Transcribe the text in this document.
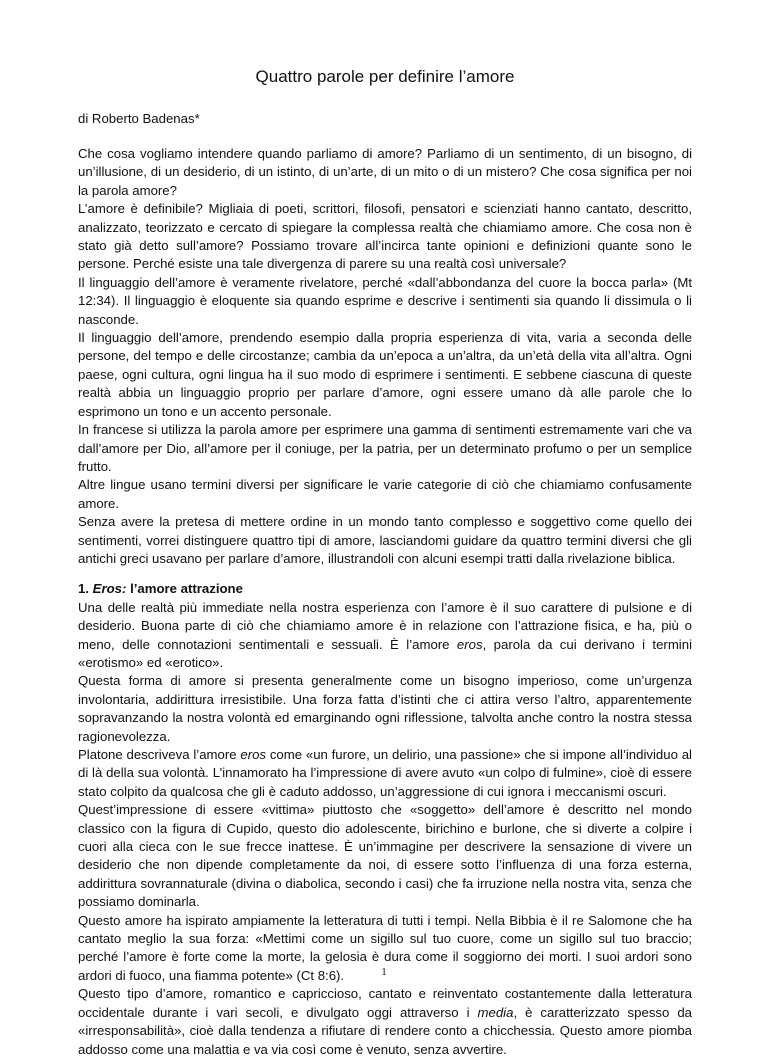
Quattro parole per definire l’amore

di Roberto Badenas*

Che cosa vogliamo intendere quando parliamo di amore? Parliamo di un sentimento, di un bisogno, di un’illusione, di un desiderio, di un istinto, di un’arte, di un mito o di un mistero? Che cosa significa per noi la parola amore?

L’amore è definibile? Migliaia di poeti, scrittori, filosofi, pensatori e scienziati hanno cantato, descritto, analizzato, teorizzato e cercato di spiegare la complessa realtà che chiamiamo amore. Che cosa non è stato già detto sull’amore? Possiamo trovare all’incirca tante opinioni e definizioni quante sono le persone. Perché esiste una tale divergenza di parere su una realtà così universale?

Il linguaggio dell’amore è veramente rivelatore, perché «dall’abbondanza del cuore la bocca parla» (Mt 12:34). Il linguaggio è eloquente sia quando esprime e descrive i sentimenti sia quando li dissimula o li nasconde.

Il linguaggio dell’amore, prendendo esempio dalla propria esperienza di vita, varia a seconda delle persone, del tempo e delle circostanze; cambia da un’epoca a un’altra, da un’età della vita all’altra. Ogni paese, ogni cultura, ogni lingua ha il suo modo di esprimere i sentimenti. E sebbene ciascuna di queste realtà abbia un linguaggio proprio per parlare d’amore, ogni essere umano dà alle parole che lo esprimono un tono e un accento personale.

In francese si utilizza la parola amore per esprimere una gamma di sentimenti estremamente vari che va dall’amore per Dio, all’amore per il coniuge, per la patria, per un determinato profumo o per un semplice frutto.

Altre lingue usano termini diversi per significare le varie categorie di ciò che chiamiamo confusamente amore.

Senza avere la pretesa di mettere ordine in un mondo tanto complesso e soggettivo come quello dei sentimenti, vorrei distinguere quattro tipi di amore, lasciandomi guidare da quattro termini diversi che gli antichi greci usavano per parlare d’amore, illustrandoli con alcuni esempi tratti dalla rivelazione biblica.

1. Eros: l’amore attrazione

Una delle realtà più immediate nella nostra esperienza con l’amore è il suo carattere di pulsione e di desiderio. Buona parte di ciò che chiamiamo amore è in relazione con l’attrazione fisica, e ha, più o meno, delle connotazioni sentimentali e sessuali. È l’amore eros, parola da cui derivano i termini «erotismo» ed «erotico».

Questa forma di amore si presenta generalmente come un bisogno imperioso, come un’urgenza involontaria, addirittura irresistibile. Una forza fatta d’istinti che ci attira verso l’altro, apparentemente sopravanzando la nostra volontà ed emarginando ogni riflessione, talvolta anche contro la nostra stessa ragionevolezza.

Platone descriveva l’amore eros come «un furore, un delirio, una passione» che si impone all’individuo al di là della sua volontà. L’innamorato ha l’impressione di avere avuto «un colpo di fulmine», cioè di essere stato colpito da qualcosa che gli è caduto addosso, un’aggressione di cui ignora i meccanismi oscuri.

Quest’impressione di essere «vittima» piuttosto che «soggetto» dell’amore è descritto nel mondo classico con la figura di Cupido, questo dio adolescente, birichino e burlone, che si diverte a colpire i cuori alla cieca con le sue frecce inattese. È un’immagine per descrivere la sensazione di vivere un desiderio che non dipende completamente da noi, di essere sotto l’influenza di una forza esterna, addirittura sovrannaturale (divina o diabolica, secondo i casi) che fa irruzione nella nostra vita, senza che possiamo dominarla.

Questo amore ha ispirato ampiamente la letteratura di tutti i tempi. Nella Bibbia è il re Salomone che ha cantato meglio la sua forza: «Mettimi come un sigillo sul tuo cuore, come un sigillo sul tuo braccio; perché l’amore è forte come la morte, la gelosia è dura come il soggiorno dei morti. I suoi ardori sono ardori di fuoco, una fiamma potente» (Ct 8:6).

Questo tipo d’amore, romantico e capriccioso, cantato e reinventato costantemente dalla letteratura occidentale durante i vari secoli, e divulgato oggi attraverso i media, è caratterizzato spesso da «irresponsabilità», cioè dalla tendenza a rifiutare di rendere conto a chicchessia. Questo amore piomba addosso come una malattia e va via così come è venuto, senza avvertire.

1
